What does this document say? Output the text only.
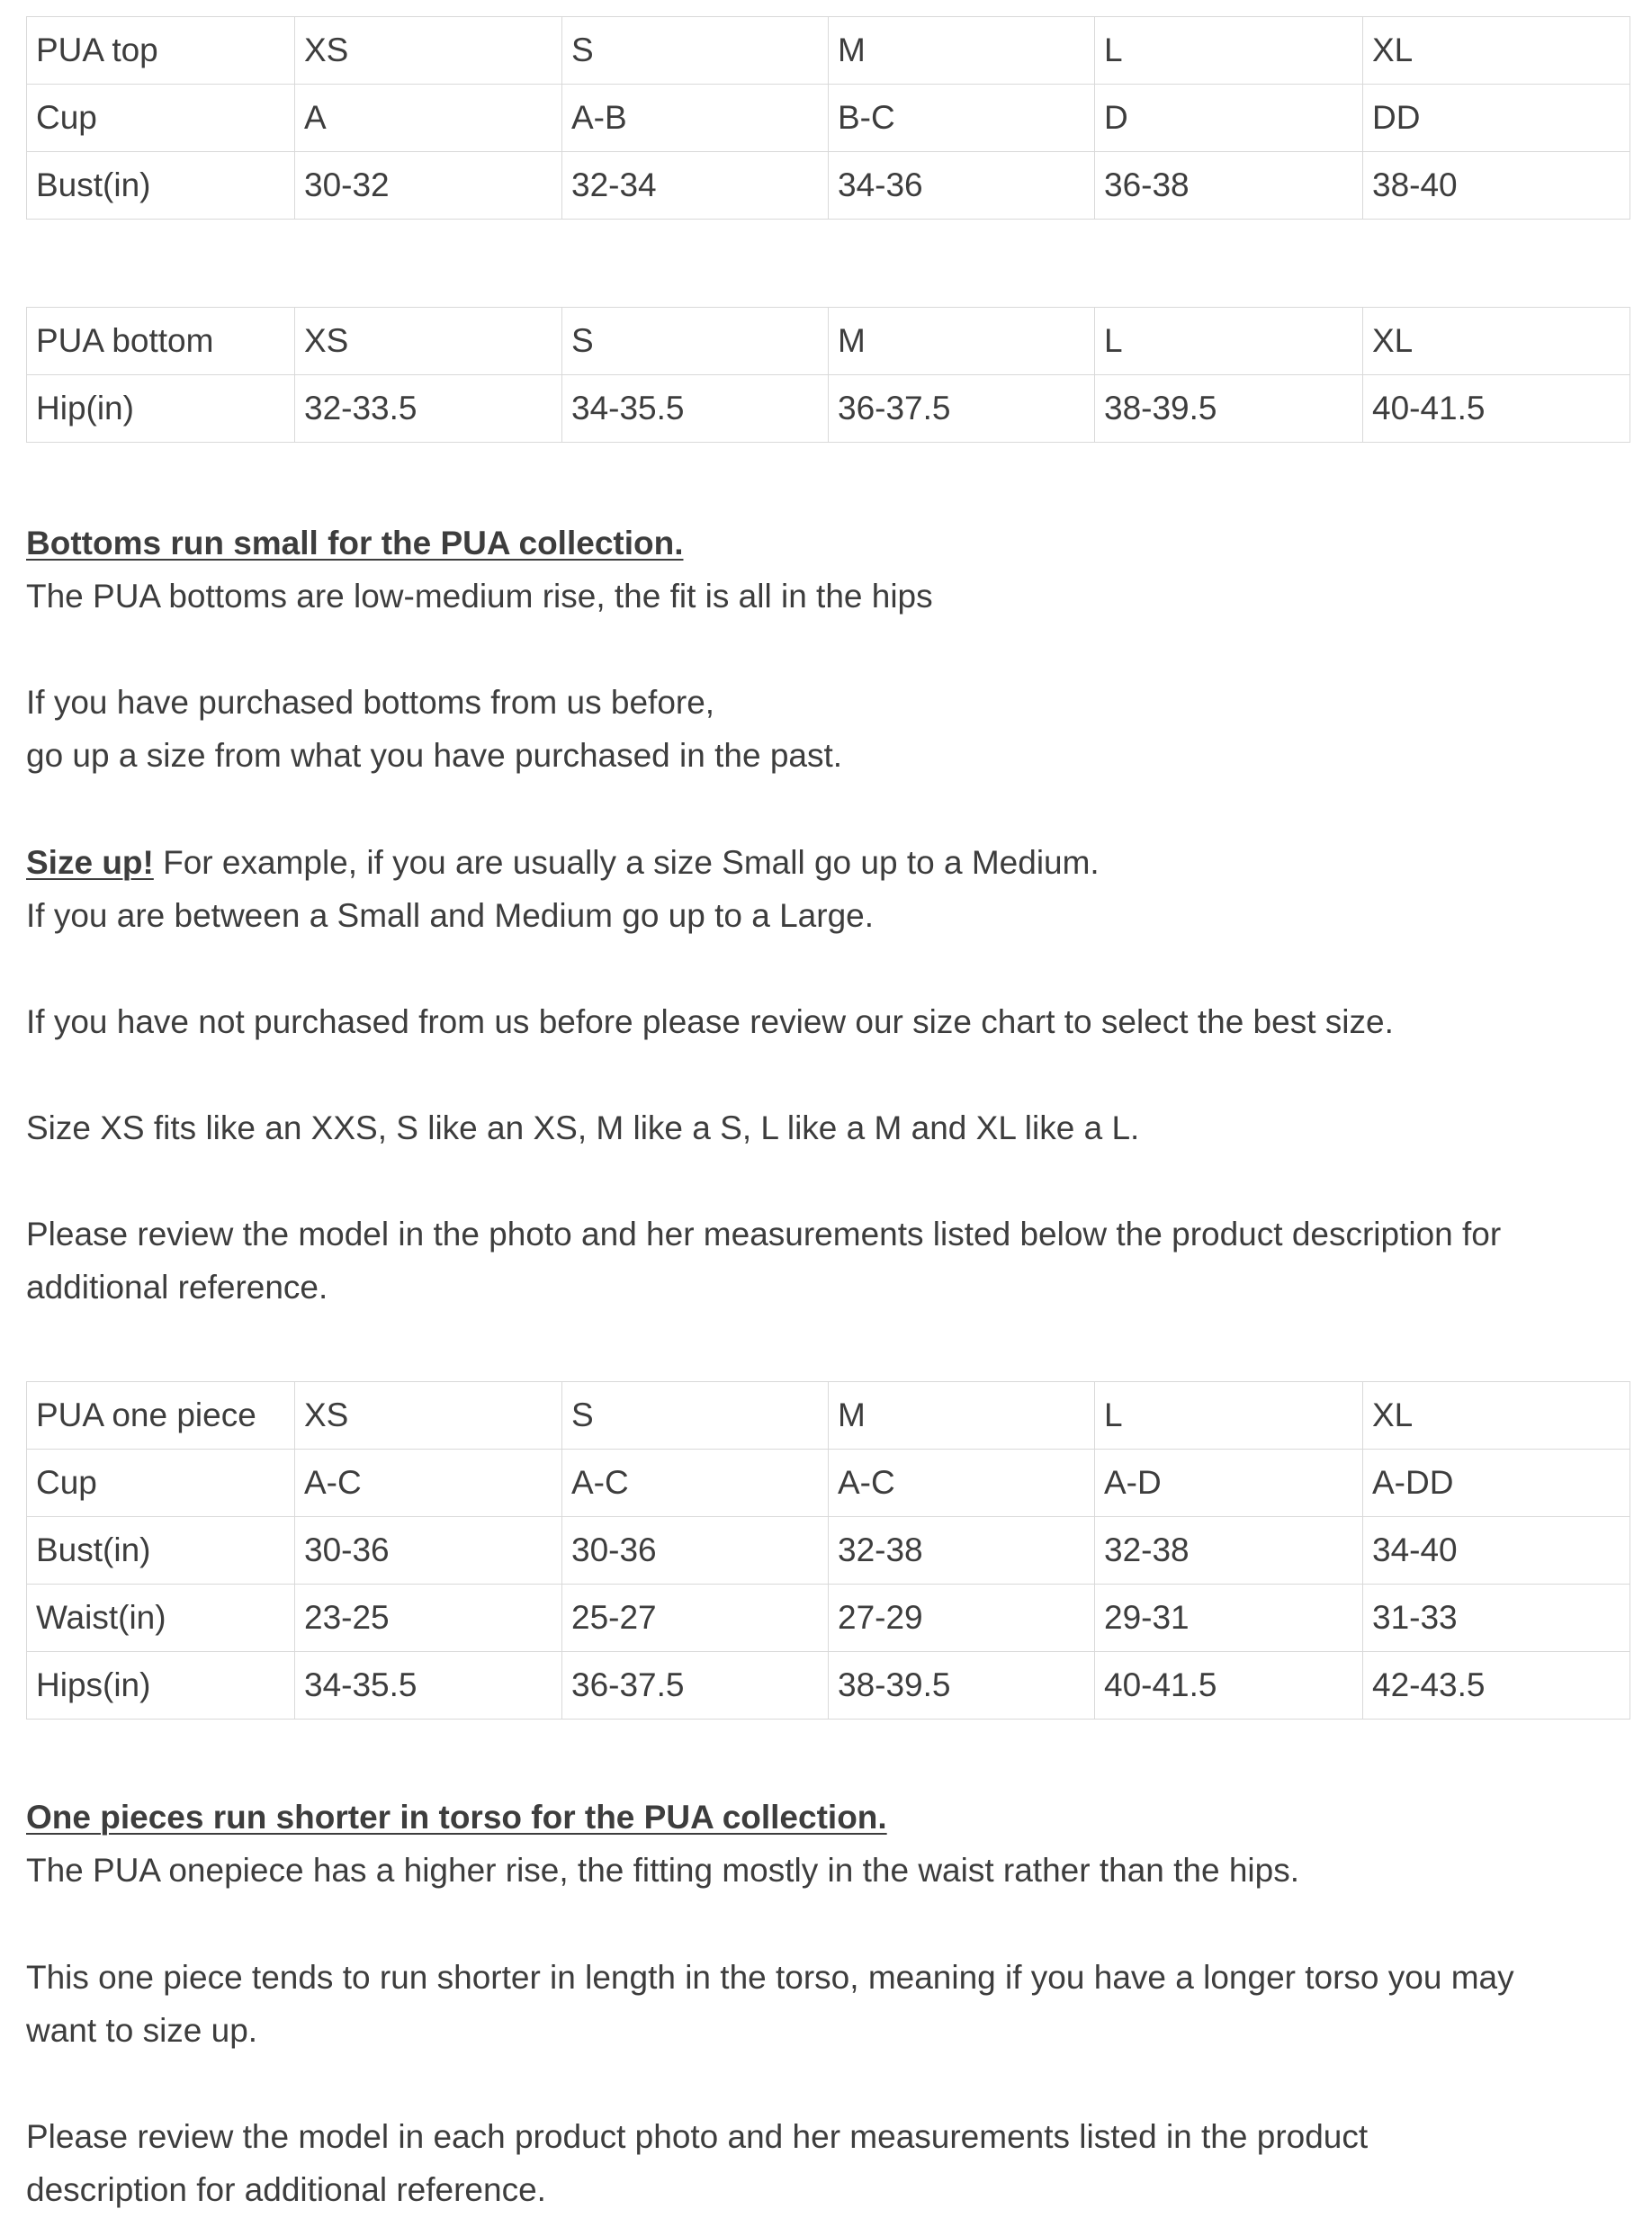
PUA top	XS	S	M	L	XL
Cup	A	A-B	B-C	D	DD
Bust(in)	30-32	32-34	34-36	36-38	38-40
PUA bottom	XS	S	M	L	XL
Hip(in)	32-33.5	34-35.5	36-37.5	38-39.5	40-41.5

Bottoms run small for the PUA collection.
The PUA bottoms are low-medium rise, the fit is all in the hips

If you have purchased bottoms from us before,
go up a size from what you have purchased in the past.

Size up! For example, if you are usually a size Small go up to a Medium.
If you are between a Small and Medium go up to a Large.

If you have not purchased from us before please review our size chart to select the best size.

Size XS fits like an XXS, S like an XS, M like a S, L like a M and XL like a L.

Please review the model in the photo and her measurements listed below the product description for
additional reference.

PUA one piece	XS	S	M	L	XL
Cup	A-C	A-C	A-C	A-D	A-DD
Bust(in)	30-36	30-36	32-38	32-38	34-40
Waist(in)	23-25	25-27	27-29	29-31	31-33
Hips(in)	34-35.5	36-37.5	38-39.5	40-41.5	42-43.5

One pieces run shorter in torso for the PUA collection.
The PUA onepiece has a higher rise, the fitting mostly in the waist rather than the hips.

This one piece tends to run shorter in length in the torso, meaning if you have a longer torso you may
want to size up.

Please review the model in each product photo and her measurements listed in the product
description for additional reference.
